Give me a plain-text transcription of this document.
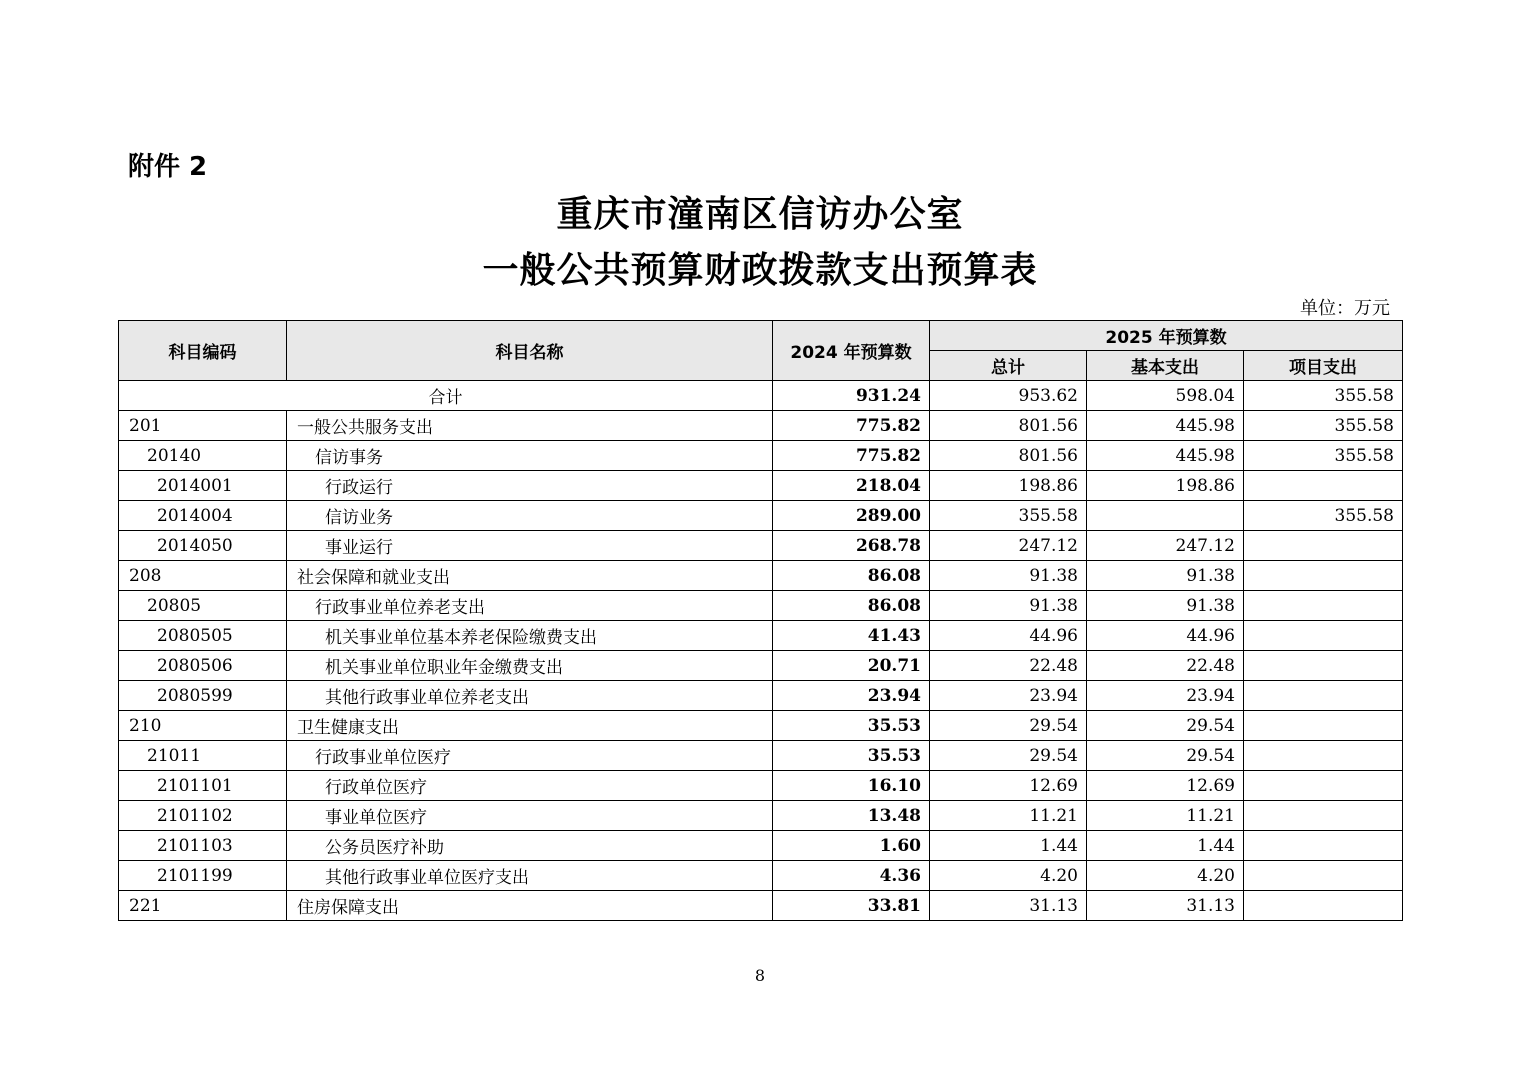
附件 2
重庆市潼南区信访办公室
一般公共预算财政拨款支出预算表
单位：万元
科目编码	科目名称	2024 年预算数	2025 年预算数		
			总计	基本支出	项目支出
合计		931.24	953.62	598.04	355.58
201	一般公共服务支出	775.82	801.56	445.98	355.58
20140	信访事务	775.82	801.56	445.98	355.58
2014001	行政运行	218.04	198.86	198.86	
2014004	信访业务	289.00	355.58		355.58
2014050	事业运行	268.78	247.12	247.12	
208	社会保障和就业支出	86.08	91.38	91.38	
20805	行政事业单位养老支出	86.08	91.38	91.38	
2080505	机关事业单位基本养老保险缴费支出	41.43	44.96	44.96	
2080506	机关事业单位职业年金缴费支出	20.71	22.48	22.48	
2080599	其他行政事业单位养老支出	23.94	23.94	23.94	
210	卫生健康支出	35.53	29.54	29.54	
21011	行政事业单位医疗	35.53	29.54	29.54	
2101101	行政单位医疗	16.10	12.69	12.69	
2101102	事业单位医疗	13.48	11.21	11.21	
2101103	公务员医疗补助	1.60	1.44	1.44	
2101199	其他行政事业单位医疗支出	4.36	4.20	4.20	
221	住房保障支出	33.81	31.13	31.13	
8
